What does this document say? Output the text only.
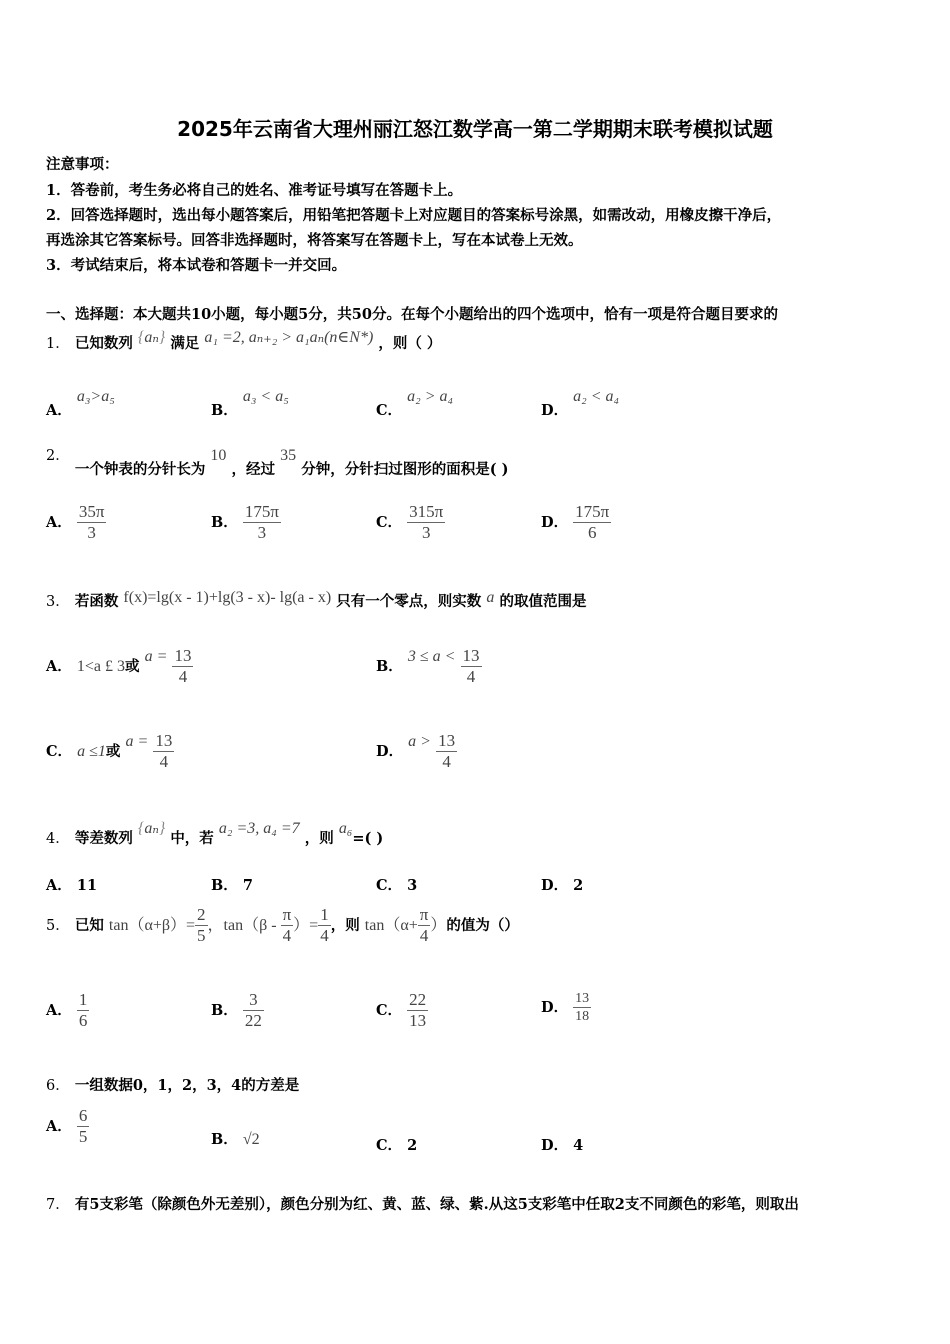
2025年云南省大理州丽江怒江数学高一第二学期期末联考模拟试题
注意事项：
1．答卷前，考生务必将自己的姓名、准考证号填写在答题卡上。
2．回答选择题时，选出每小题答案后，用铅笔把答题卡上对应题目的答案标号涂黑，如需改动，用橡皮擦干净后，
再选涂其它答案标号。回答非选择题时，将答案写在答题卡上，写在本试卷上无效。
3．考试结束后，将本试卷和答题卡一并交回。
一、选择题：本大题共10小题，每小题5分，共50分。在每个小题给出的四个选项中，恰有一项是符合题目要求的
1． 已知数列 {aₙ} 满足 a₁ =2, aₙ₊₂ > a₁aₙ(n∈N*) ，则（ ）
A． a₃>a₅
B． a₃ < a₅
C． a₂ > a₄
D． a₂ < a₄
2． 一个钟表的分针长为 10 ，经过 35 分钟，分针扫过图形的面积是( )
A． $\frac{35\pi}{3}$	B． $\frac{175\pi}{3}$	C． $\frac{315\pi}{3}$	D． $\frac{175\pi}{6}$
3． 若函数 f(x)=lg(x - 1)+lg(3 - x)- lg(a - x) 只有一个零点，则实数 a 的取值范围是
A． 1<a £ 3或 $a = \frac{13}{4}$	B． $3 \le a < \frac{13}{4}$
C． a ≤1或 $a = \frac{13}{4}$	D． $a > \frac{13}{4}$
4． 等差数列 {aₙ} 中，若 a₂ =3, a₄ =7 ，则 a₆=( )
A． 11	B． 7	C． 3	D． 2
5． 已知 $\tan(\alpha+\beta)= \frac{2}{5}$ ，$\tan(\beta - \frac{\pi}{4}$ ）= $\frac{1}{4}$ ，则 $\tan(\alpha+ \frac{\pi}{4}$ ）的值为（）
A． $\frac{1}{6}$	B． $\frac{3}{22}$	C． $\frac{22}{13}$	D． $\frac{13}{18}$
6． 一组数据0，1，2，3，4的方差是
A． $\frac{6}{5}$	B． √2	C． 2	D． 4
7． 有5支彩笔（除颜色外无差别），颜色分别为红、黄、蓝、绿、紫.从这5支彩笔中任取2支不同颜色的彩笔，则取出
